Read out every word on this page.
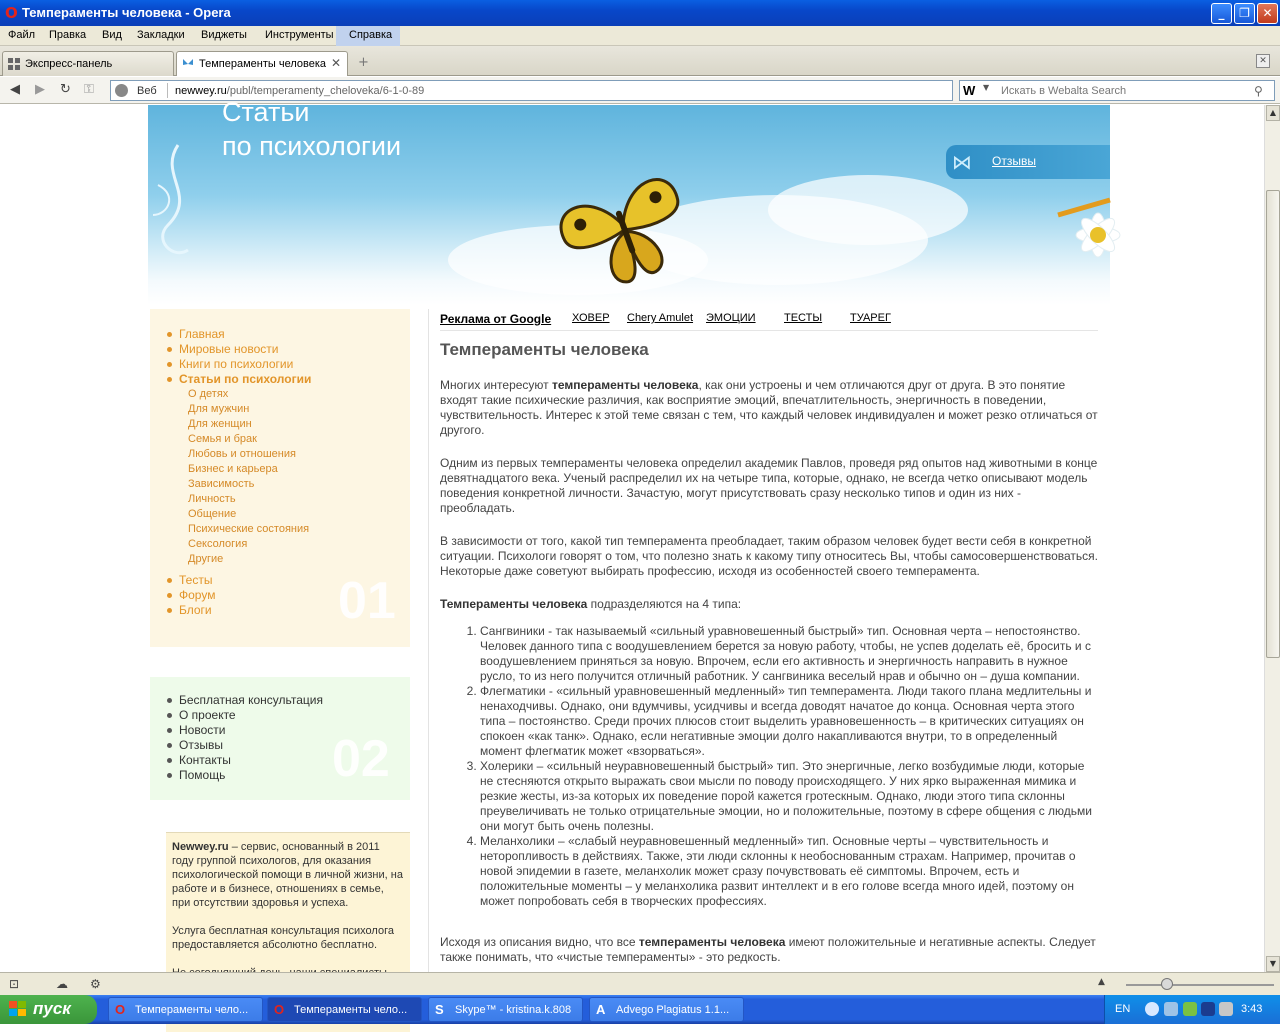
O Темпераменты человека - Opera	_	❐	✕
Файл Правка Вид Закладки Виджеты Инструменты Справка
Экспресс-панель	Темпераменты человека ✕ +	✕
◀ ▶ ↻ ⚿	Веб newwey.ru/publ/temperamenty_cheloveka/6-1-0-89	W ▼ Искать в Webalta Search	⚲
Статьи
по психологии
⋈ Отзывы
Главная
Мировые новости
Книги по психологии
Статьи по психологии
О детях
Для мужчин
Для женщин
Семья и брак
Любовь и отношения
Бизнес и карьера
Зависимость
Личность
Общение
Психические состояния
Сексология
Другие
Тесты
Форум
Блоги	01
Бесплатная консультация
О проекте
Новости
Отзывы
Контакты
Помощь	02

Newwey.ru – сервис, основанный в 2011 году группой психологов, для оказания психологической помощи в личной жизни, на работе и в бизнесе, отношениях в семье, при отсутствии здоровья и успеха.

Услуга бесплатная консультация психолога предоставляется абсолютно бесплатно.

Реклама от Google ХОВЕР Chery Amulet ЭМОЦИИ	ТЕСТЫ	ТУАРЕГ
Темпераменты человека

Многих интересуют темпераменты человека, как они устроены и чем отличаются друг от друга. В это понятие входят такие психические различия, как восприятие эмоций, впечатлительность, энергичность в поведении, чувствительность. Интерес к этой теме связан с тем, что каждый человек индивидуален и может резко отличаться от другого.

Одним из первых темпераменты человека определил академик Павлов, проведя ряд опытов над животными в конце девятнадцатого века. Ученый распределил их на четыре типа, которые, однако, не всегда четко описывают модель поведения конкретной личности. Зачастую, могут присутствовать сразу несколько типов и один из них - преобладать.

В зависимости от того, какой тип темперамента преобладает, таким образом человек будет вести себя в конкретной ситуации. Психологи говорят о том, что полезно знать к какому типу относитесь Вы, чтобы самосовершенствоваться. Некоторые даже советуют выбирать профессию, исходя из особенностей своего темперамента.

Темпераменты человека подразделяются на 4 типа:

1. Сангвиники - так называемый «сильный уравновешенный быстрый» тип. Основная черта – непостоянство. Человек данного типа с воодушевлением берется за новую работу, чтобы, не успев доделать её, бросить и с воодушевлением приняться за новую. Впрочем, если его активность и энергичность направить в нужное русло, то из него получится отличный работник. У сангвиника веселый нрав и обычно он – душа компании.
2. Флегматики - «сильный уравновешенный медленный» тип темперамента. Люди такого плана медлительны и ненаходчивы. Однако, они вдумчивы, усидчивы и всегда доводят начатое до конца. Основная черта этого типа – постоянство. Среди прочих плюсов стоит выделить уравновешенность – в критических ситуациях он спокоен «как танк». Однако, если негативные эмоции долго накапливаются внутри, то в определенный момент флегматик может «взорваться».
3. Холерики – «сильный неуравновешенный быстрый» тип. Это энергичные, легко возбудимые люди, которые не стесняются открыто выражать свои мысли по поводу происходящего. У них ярко выраженная мимика и резкие жесты, из-за которых их поведение порой кажется гротескным. Однако, люди этого типа склонны преувеличивать не только отрицательные эмоции, но и положительные, поэтому в сфере общения с людьми они могут быть очень полезны.
4. Меланхолики – «слабый неуравновешенный медленный» тип. Основные черты – чувствительность и неторопливость в действиях. Также, эти люди склонны к необоснованным страхам. Например, прочитав о новой эпидемии в газете, меланхолик может сразу почувствовать её симптомы. Впрочем, есть и положительные моменты – у меланхолика развит интеллект и в его голове всегда много идей, поэтому он может попробовать себя в творческих профессиях.

Исходя из описания видно, что все темпераменты человека имеют положительные и негативные аспекты. Следует также понимать, что «чистые темпераменты» - это редкость.

▲
▼
⊡	☁ ⚙	▲
пуск	O Темпераменты чело... O Темпераменты чело... S	Skype™ - kristina.k.808 A Advego Plagiatus 1.1...	EN	3:43
